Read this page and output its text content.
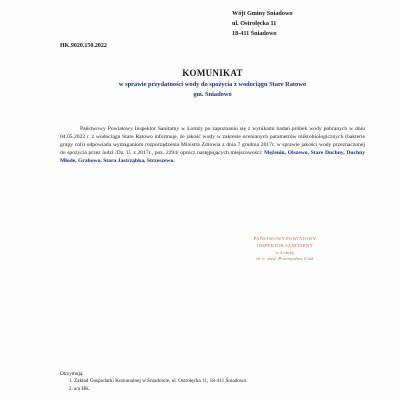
Wójt Gminy Śniadowo
ul. Ostrołęcka 11
18-411 Śniadowo
HK.9020.150.2022
KOMUNIKAT
w sprawie przydatności wody do spożycia z wodociągu Stare Ratowo
gm. Śniadowo
Państwowy Powiatowy Inspektor Sanitarny w Łomży po zapoznaniu się z wynikami badań próbek wody pobranych w dniu 04.05.2022 r. z wodociągu Stare Ratowo informuje, że jakość wody w zakresie ocenianych parametrów mikrobiologicznych (bakterie grupy coli) odpowiada wymaganiom rozporządzenia Ministra Zdrowia z dnia 7 grudnia 2017r. w sprawie jakości wody przeznaczonej do spożycia przez ludzi /Dz. U. z 2017r., poz. 2294/ oprócz następujących miejscowości: Mężenin, Olszewo, Stare Duchny, Duchny Młode, Grabowo, Stara Jastrząbka, Strzeszewo.
PAŃSTWOWY POWIATOWY
INSPEKTOR SANITARNY
w Łomży
dr n. med. Przemysław Gink
Otrzymują:
1. Zakład Gospodarki Komunalnej w Śniadowie, ul. Ostrołęcka 11, 18-411 Śniadowo.
2. a/a HK.
